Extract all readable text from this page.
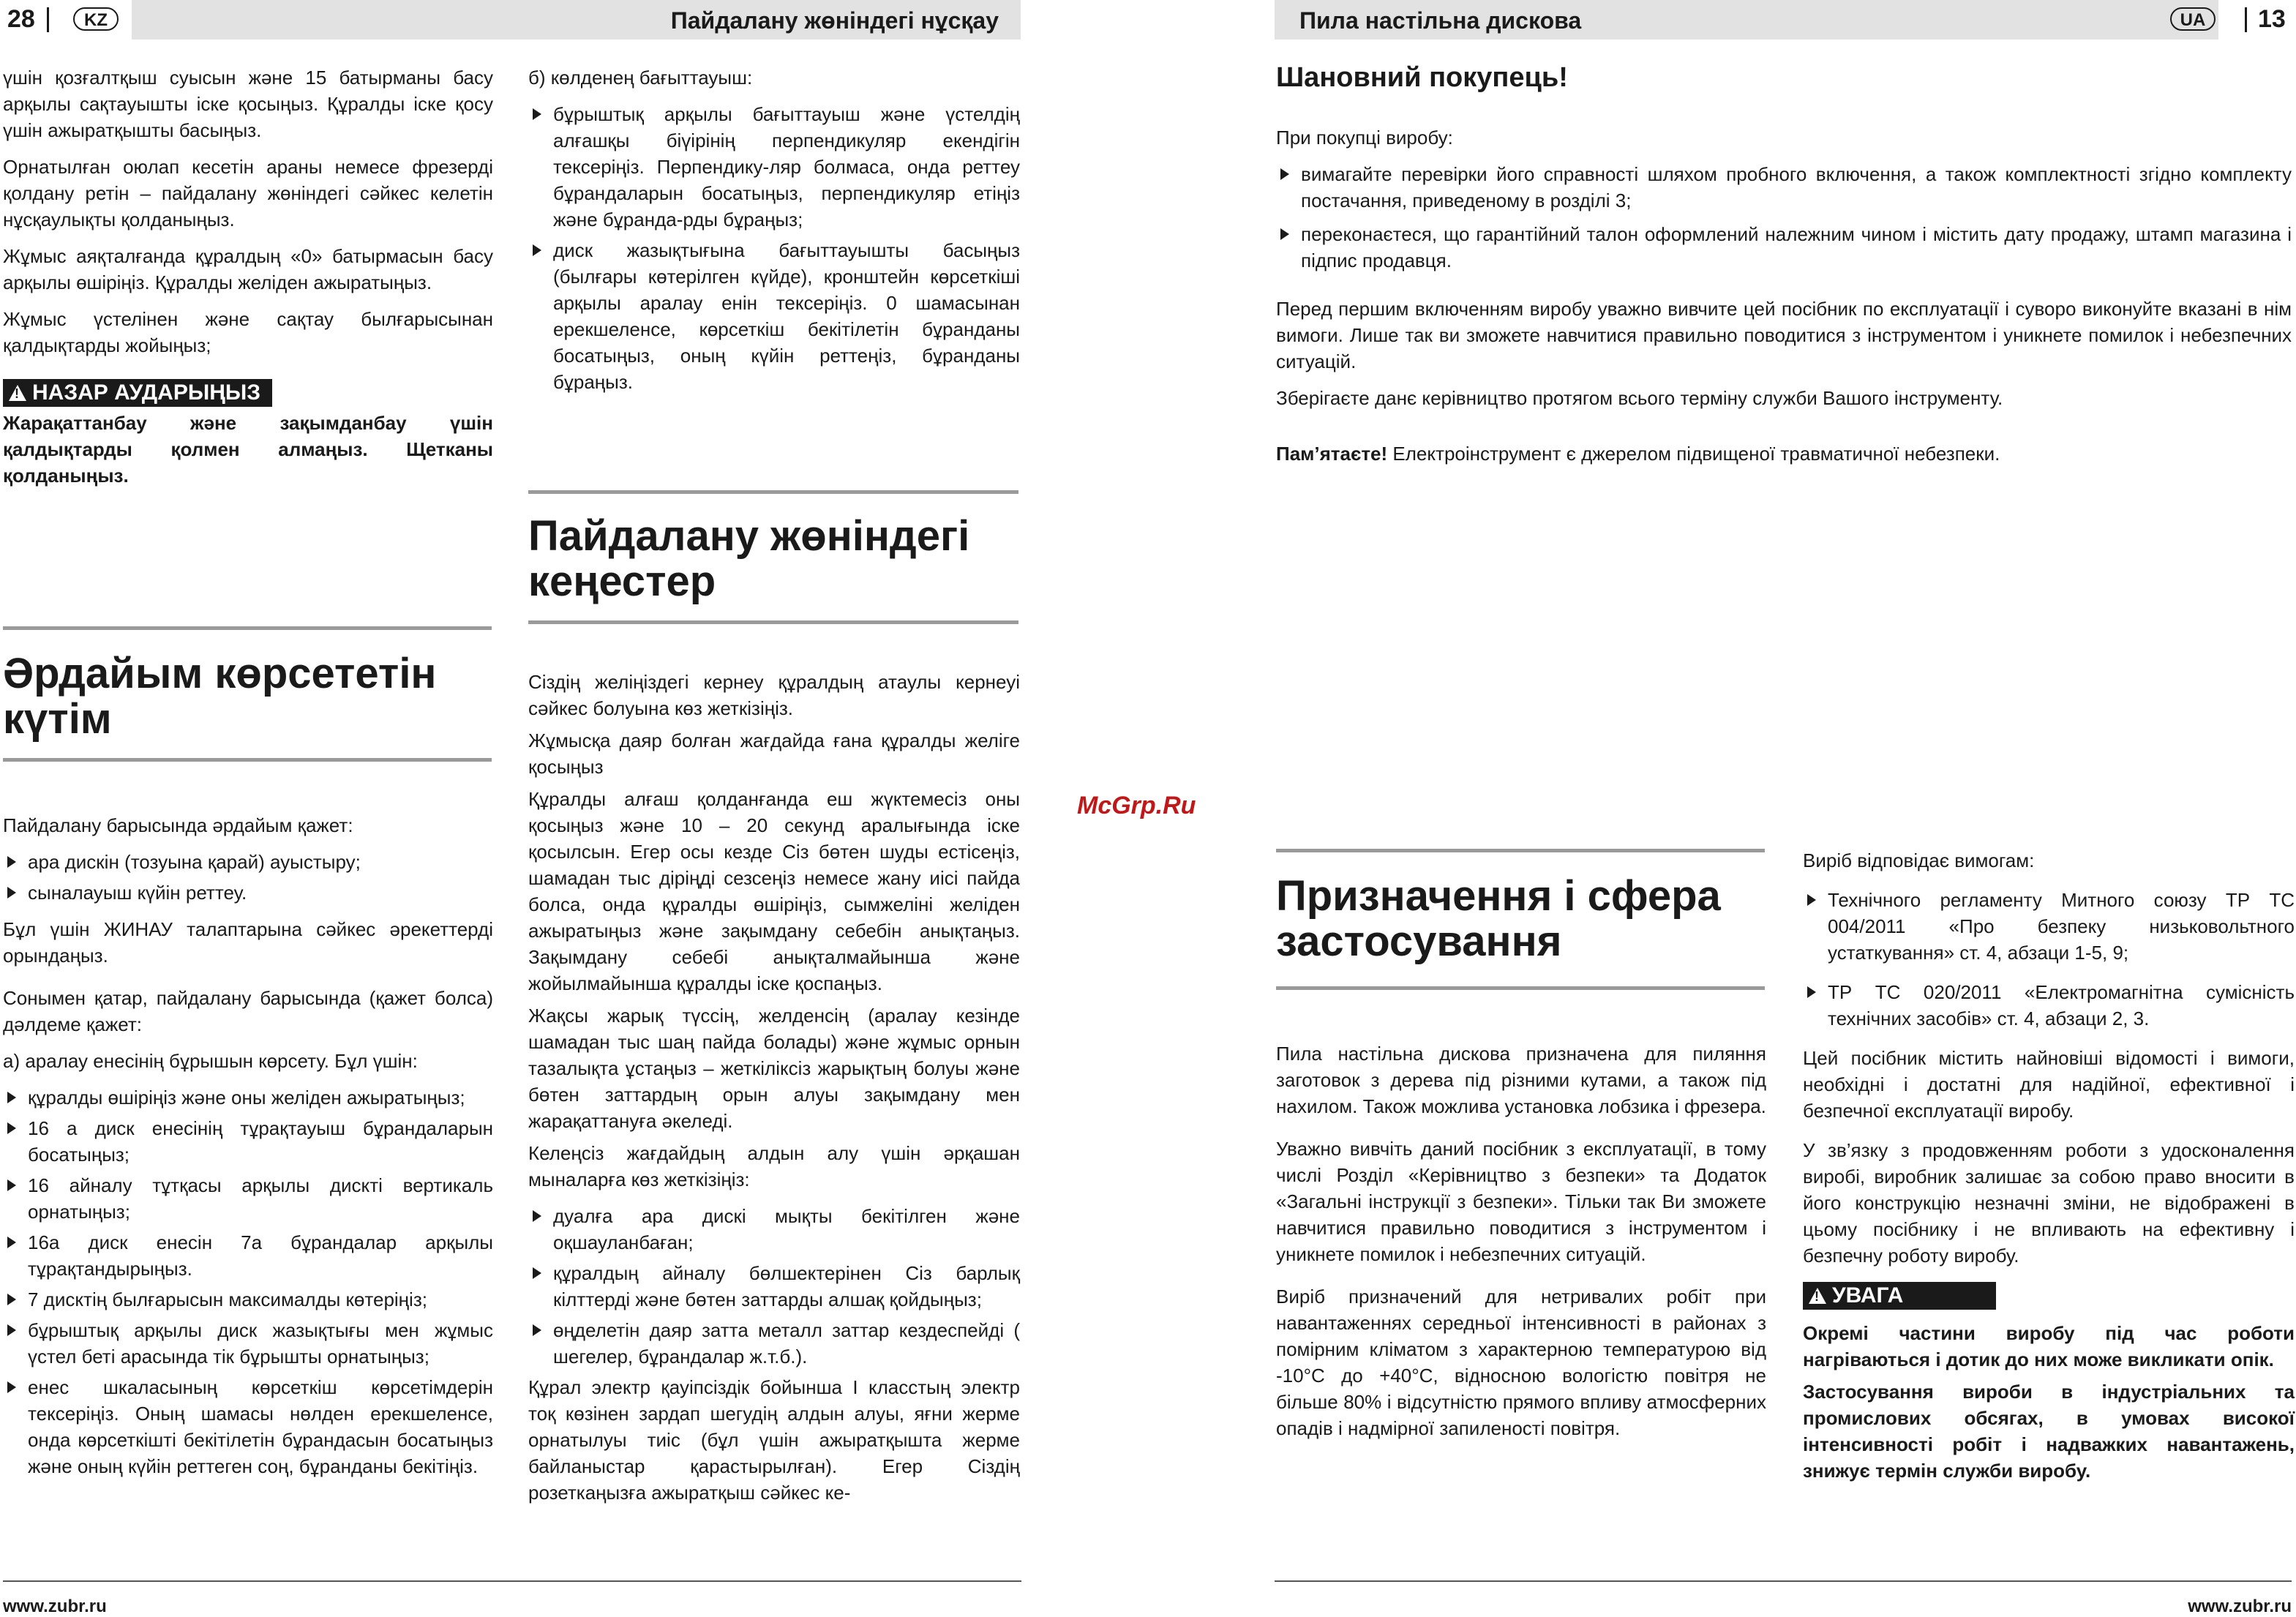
28	KZ	Пайдалану жөніндегі нұсқау

үшін қозғалтқыш суысын және 15 батырманы басу арқылы сақтауышты іске қосыңыз. Құралды іске қосу үшін ажыратқышты басыңыз.

Орнатылған оюлап кесетін араны немесе фрезерді қолдану ретін – пайдалану жөніндегі сәйкес келетін нұсқаулықты қолданыңыз.

Жұмыс аяқталғанда құралдың «0» батырмасын басу арқылы өшіріңіз. Құралды желіден ажыратыңыз.

Жұмыс үстелінен және сақтау былғарысынан қалдықтарды жойыңыз;

!НАЗАР АУДАРЫҢЫЗ

Жарақаттанбау және зақымданбау үшін қалдықтарды қолмен алмаңыз. Щетканы қолданыңыз.

Әрдайым көрсететін күтім

Пайдалану барысында әрдайым қажет:

ара дискін (тозуына қарай) ауыстыру;

сыналауыш күйін реттеу.

Бұл үшін ЖИНАУ талаптарына сәйкес әрекеттерді орындаңыз.

Сонымен қатар, пайдалану барысында (қажет болса) дәлдеме қажет:

а) аралау енесінің бұрышын көрсету. Бұл үшін:

құралды өшіріңіз және оны желіден ажыратыңыз;

16 а диск енесінің тұрақтауыш бұрандаларын босатыңыз;

16 айналу тұтқасы арқылы дискті вертикаль орнатыңыз;

16а диск енесін 7а бұрандалар арқылы тұрақтандырыңыз.

7 дисктің былғарысын максималды көтеріңіз;

бұрыштық арқылы диск жазықтығы мен жұмыс үстел беті арасында тік бұрышты орнатыңыз;

енес шкаласының көрсеткіш көрсетімдерін тексеріңіз. Оның шамасы нөлден ерекшеленсе, онда көрсеткішті бекітілетін бұрандасын босатыңыз және оның күйін реттеген соң, бұранданы бекітіңіз.

б) көлденең бағыттауыш:

бұрыштық арқылы бағыттауыш және үстелдің алғашқы біүірінің перпендикуляр екендігін тексеріңіз. Перпендику-ляр болмаса, онда реттеу бұрандаларын босатыңыз, перпендикуляр етіңіз және бұранда-рды бұраңыз;

диск жазықтығына бағыттауышты басыңыз (былғары көтерілген күйде), кронштейн көрсеткіші арқылы аралау енін тексеріңіз. 0 шамасынан ерекшеленсе, көрсеткіш бекітілетін бұранданы босатыңыз, оның күйін реттеңіз, бұранданы бұраңыз.

Пайдалану жөніндегі кеңестер

Сіздің желіңіздегі кернеу құралдың атаулы кернеуі сәйкес болуына көз жеткізіңіз.

Жұмысқа даяр болған жағдайда ғана құралды желіге қосыңыз

Құралды алғаш қолданғанда еш жүктемесіз оны қосыңыз және 10 – 20 секунд аралығында іске қосылсын. Егер осы кезде Сіз бөтен шуды естісеңіз, шамадан тыс діріңді сезсеңіз немесе жану иісі пайда болса, онда құралды өшіріңіз, сымжеліні желіден ажыратыңыз және зақымдану себебін анықтаңыз. Зақымдану себебі анықталмайынша және жойылмайынша құралды іске қоспаңыз.

Жақсы жарық түссің, желденсің (аралау кезінде шамадан тыс шаң пайда болады) және жұмыс орнын тазалықта ұстаңыз – жеткіліксіз жарықтың болуы және бөтен заттардың орын алуы зақымдану мен жарақаттануға әкеледі.

Келеңсіз жағдайдың алдын алу үшін әрқашан мыналарға көз жеткізіңіз:

дуалға ара дискі мықты бекітілген және оқшауланбаған;

құралдың айналу бөлшектерінен Сіз барлық кілттерді және бөтен заттарды алшақ қойдыңыз;

өңделетін даяр затта металл заттар кездеспейді ( шегелер, бұрандалар ж.т.б.).

Құрал электр қауіпсіздік бойынша I класстың электр тоқ көзінен зардап шегудің алдын алуы, яғни жерме орнатылуы тиіс (бұл үшін ажыратқышта жерме байланыстар қарастырылған). Егер Сіздің розеткаңызға ажыратқыш сәйкес ке-

www.zubr.ru
McGrp.Ru
Пила настільна дискова	UA	13
Шановний покупець!

При покупці виробу:

вимагайте перевірки його справності шляхом пробного включення, а також комплектності згідно комплекту постачання, приведеному в розділі 3;

переконаєтеся, що гарантійний талон оформлений належним чином і містить дату продажу, штамп магазина і підпис продавця.

Перед першим включенням виробу уважно вивчите цей посібник по експлуатації і суворо виконуйте вказані в нім вимоги. Лише так ви зможете навчитися правильно поводитися з інструментом і уникнете помилок і небезпечних ситуацій.

Зберігаєте данє керівництво протягом всього терміну служби Вашого інструменту.

Пам’ятаєте! Електроінструмент є джерелом підвищеної травматичної небезпеки.

Призначення і сфера застосування

Пила настільна дискова призначена для пиляння заготовок з дерева під різними кутами, а також під нахилом. Також можлива установка лобзика і фрезера.

Уважно вивчіть даний посібник з експлуатації, в тому числі Розділ «Керівництво з безпеки» та Додаток «Загальні інструкції з безпеки». Тільки так Ви зможете навчитися правильно поводитися з інструментом і уникнете помилок і небезпечних ситуацій.

Виріб призначений для нетривалих робіт при навантаженнях середньої інтенсивності в районах з помірним кліматом з характерною температурою від -10°С до +40°С, відносною вологістю повітря не більше 80% і відсутністю прямого впливу атмосферних опадів і надмірної запиленості повітря.

Виріб відповідає вимогам:

Технічного регламенту Митного союзу ТР ТС 004/2011 «Про безпеку низьковольтного устаткування» ст. 4, абзаци 1-5, 9;

ТР ТС 020/2011 «Електромагнітна сумісність технічних засобів» ст. 4, абзаци 2, 3.

Цей посібник містить найновіші відомості і вимоги, необхідні і достатні для надійної, ефективної і безпечної експлуатації виробу.

У зв’язку з продовженням роботи з удосконалення виробі, виробник залишає за собою право вносити в його конструкцію незначні зміни, не відображені в цьому посібнику і не впливають на ефективну і безпечну роботу виробу.

!УВАГА

Окремі частини виробу під час роботи нагріваються і дотик до них може викликати опік.

Застосування вироби в індустріальних та промислових обсягах, в умовах високої інтенсивності робіт і надважких навантажень, знижує термін служби виробу.

www.zubr.ru
